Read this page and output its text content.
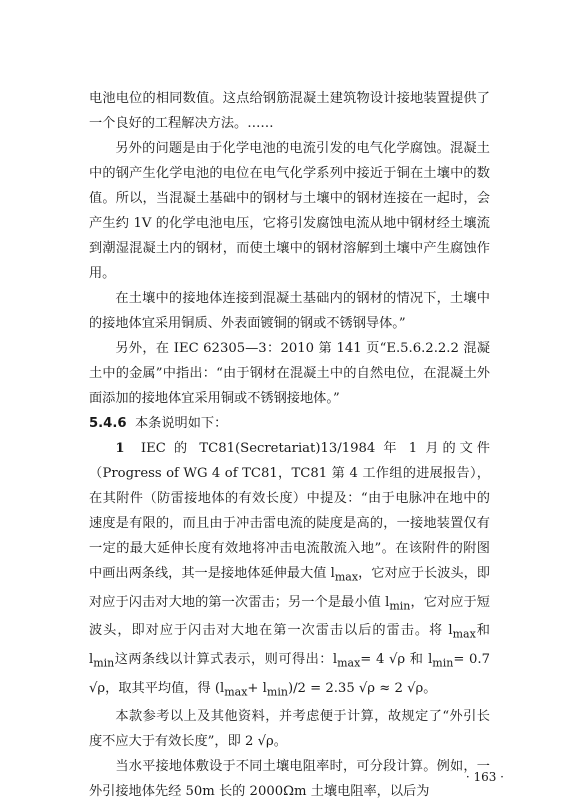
电池电位的相同数值。这点给钢筋混凝土建筑物设计接地装置提供了一个良好的工程解决方法。……

另外的问题是由于化学电池的电流引发的电气化学腐蚀。混凝土中的钢产生化学电池的电位在电气化学系列中接近于铜在土壤中的数值。所以，当混凝土基础中的钢材与土壤中的钢材连接在一起时，会产生约 1V 的化学电池电压，它将引发腐蚀电流从地中钢材经土壤流到潮湿混凝土内的钢材，而使土壤中的钢材溶解到土壤中产生腐蚀作用。

在土壤中的接地体连接到混凝土基础内的钢材的情况下，土壤中的接地体宜采用铜质、外表面镀铜的钢或不锈钢导体。”

另外，在 IEC 62305—3：2010 第 141 页“E.5.6.2.2.2 混凝土中的金属”中指出：“由于钢材在混凝土中的自然电位，在混凝土外面添加的接地体宜采用铜或不锈钢接地体。”

5.4.6 本条说明如下：

1 IEC 的 TC81(Secretariat)13/1984 年 1 月的文件（Progress of WG 4 of TC81，TC81 第 4 工作组的进展报告），在其附件（防雷接地体的有效长度）中提及：“由于电脉冲在地中的速度是有限的，而且由于冲击雷电流的陡度是高的，一接地装置仅有一定的最大延伸长度有效地将冲击电流散流入地”。在该附件的附图中画出两条线，其一是接地体延伸最大值 $l_{max}$，它对应于长波头，即对应于闪击对大地的第一次雷击；另一个是最小值 $l_{min}$，它对应于短波头，即对应于闪击对大地在第一次雷击以后的雷击。将 $l_{max}$和 $l_{min}$这两条线以计算式表示，则可得出：$l_{max}= 4$ √ρ 和 $l_{min}= 0.7$ √ρ，取其平均值，得 $(l_{max}+ l_{min})/2 = 2.35$ √ρ ≈ 2 √ρ。

本款参考以上及其他资料，并考虑便于计算，故规定了“外引长度不应大于有效长度”，即 2 √ρ。

当水平接地体敷设于不同土壤电阻率时，可分段计算。例如，一外引接地体先经 50m 长的 2000Ωm 土壤电阻率，以后为

· 163 ·
